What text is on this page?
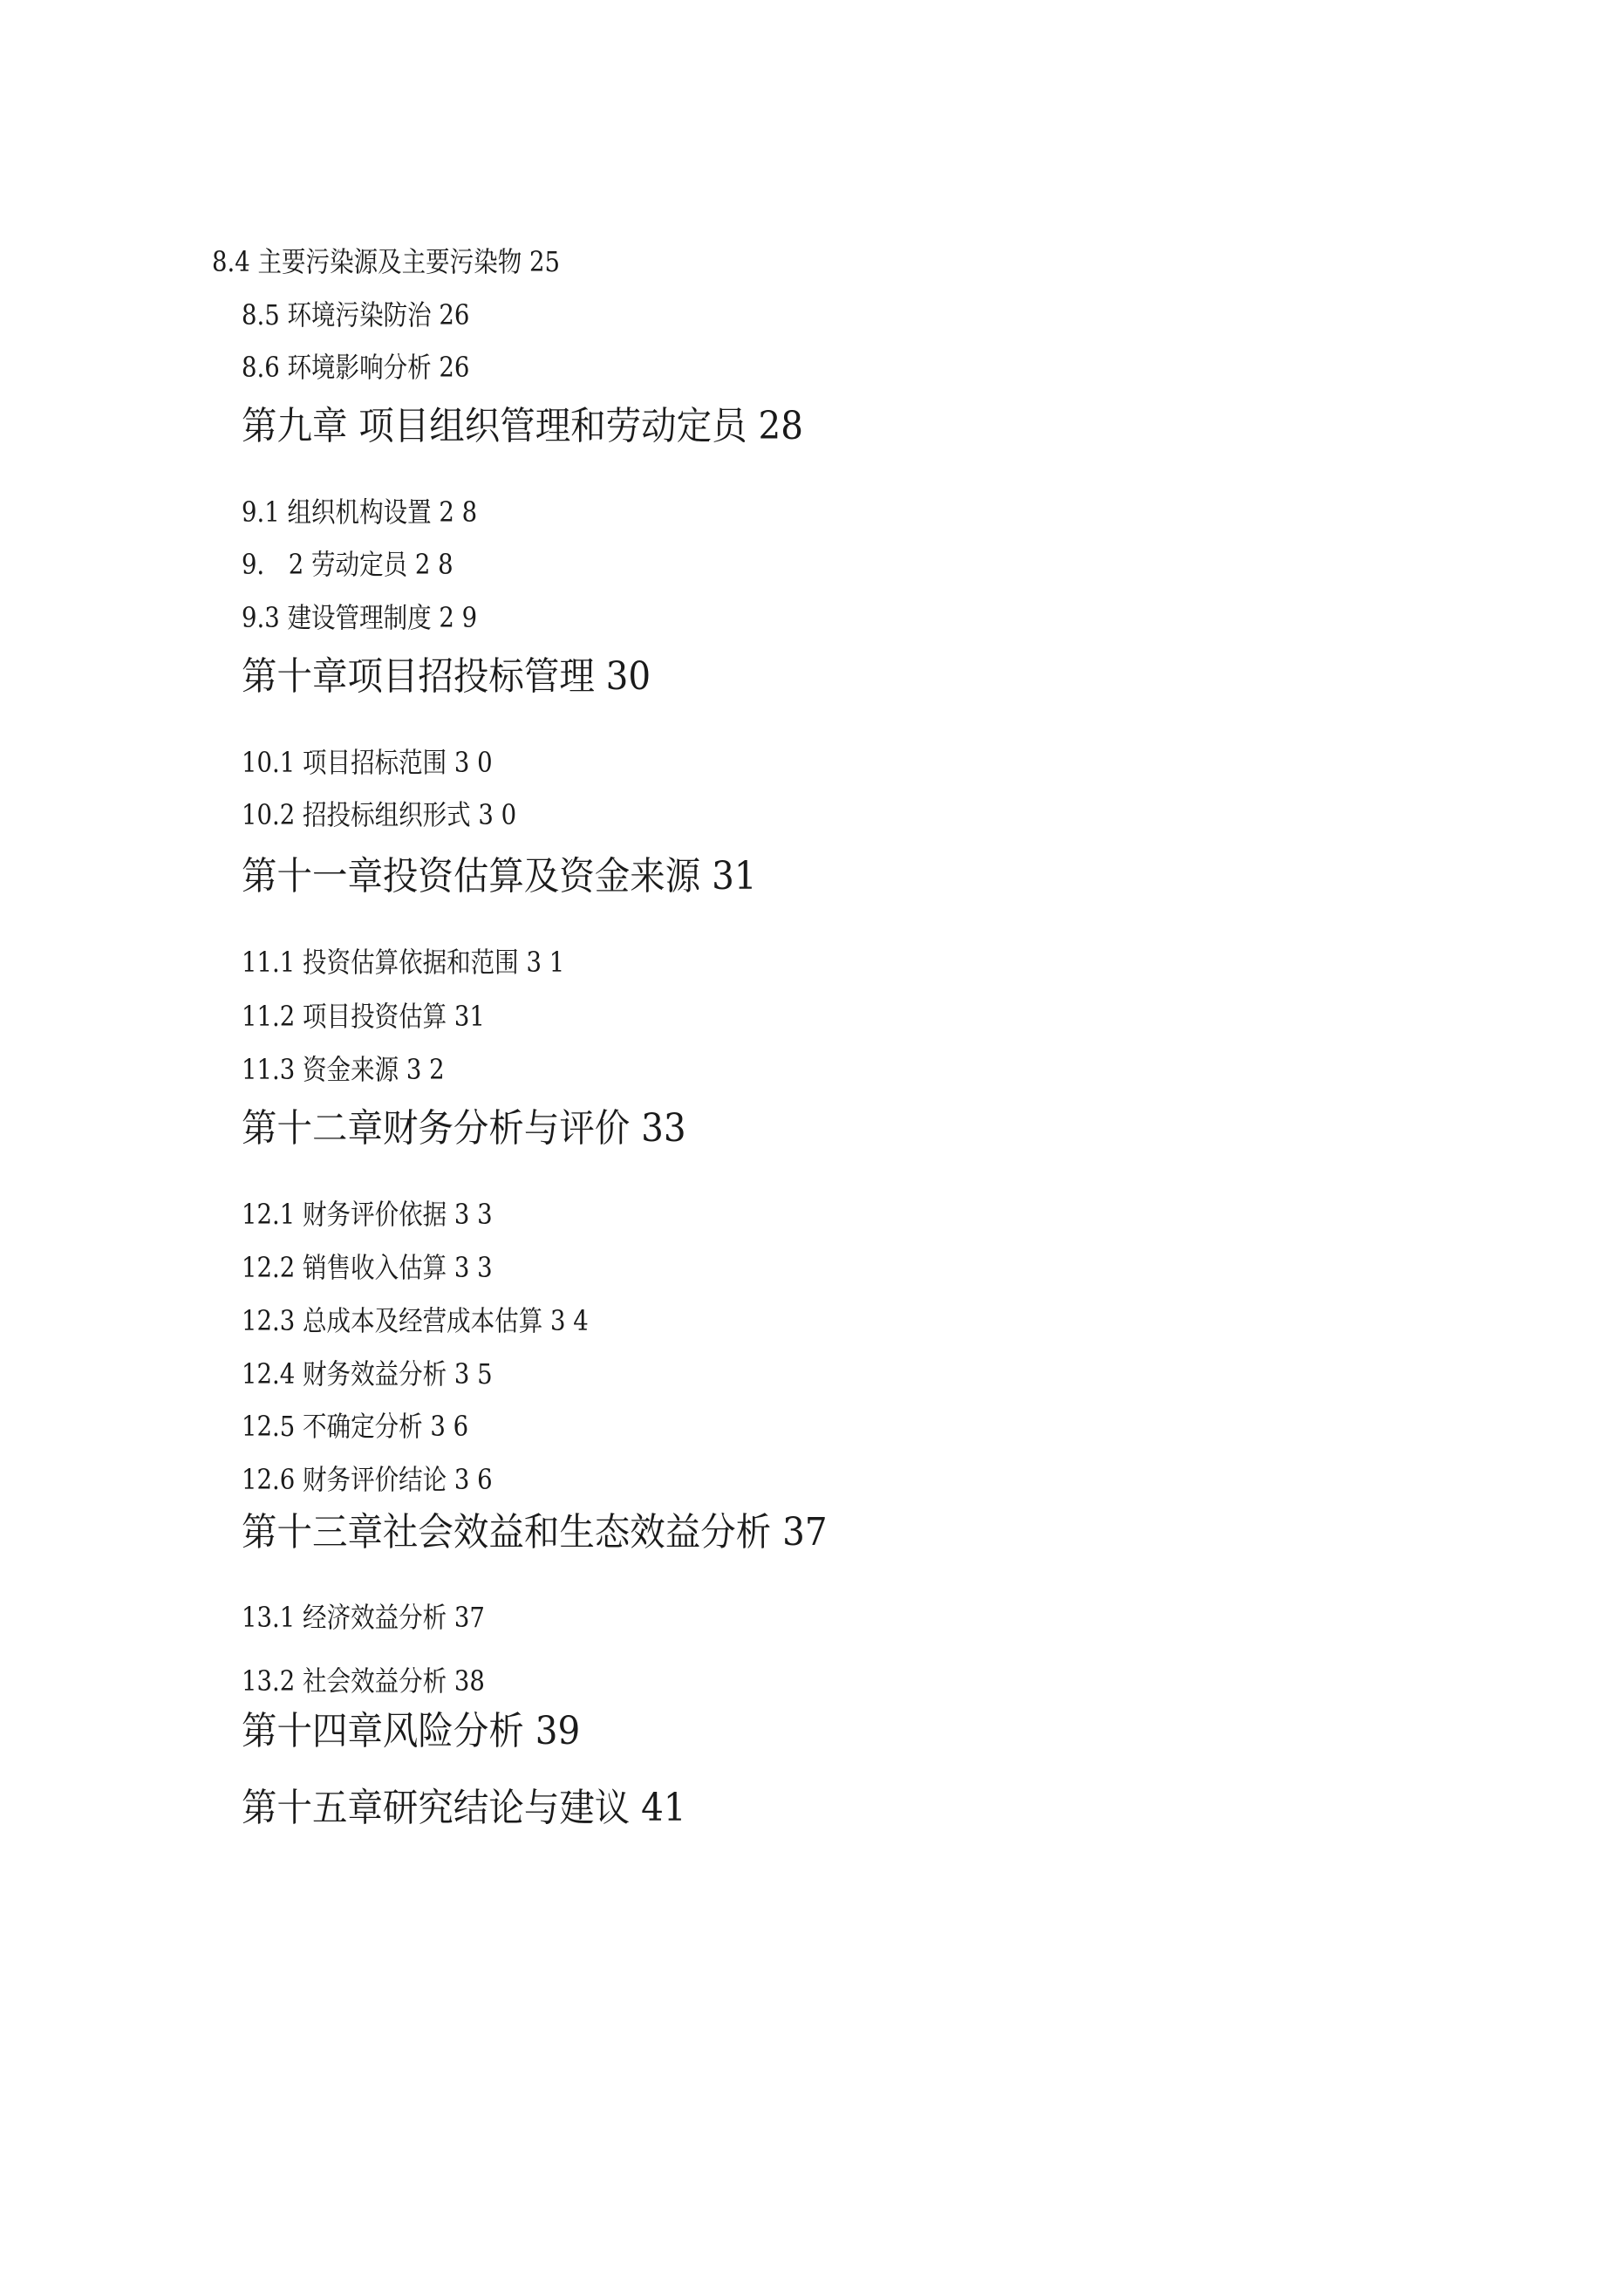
8.4 主要污染源及主要污染物 25
8.5 环境污染防治 26
8.6 环境影响分析 26
第九章 项目组织管理和劳动定员 28
9.1 组织机构设置 2 8
9． 2 劳动定员 2 8
9.3 建设管理制度 2 9
第十章项目招投标管理 30
10.1 项目招标范围 3 0
10.2 招投标组织形式 3 0
第十一章投资估算及资金来源 31
11.1 投资估算依据和范围 3 1
11.2 项目投资估算 31
11.3 资金来源 3 2
第十二章财务分析与评价 33
12.1 财务评价依据 3 3
12.2 销售收入估算 3 3
12.3 总成本及经营成本估算 3 4
12.4 财务效益分析 3 5
12.5 不确定分析 3 6
12.6 财务评价结论 3 6
第十三章社会效益和生态效益分析 37
13.1 经济效益分析 37
13.2 社会效益分析 38
第十四章风险分析 39
第十五章研究结论与建议 41
